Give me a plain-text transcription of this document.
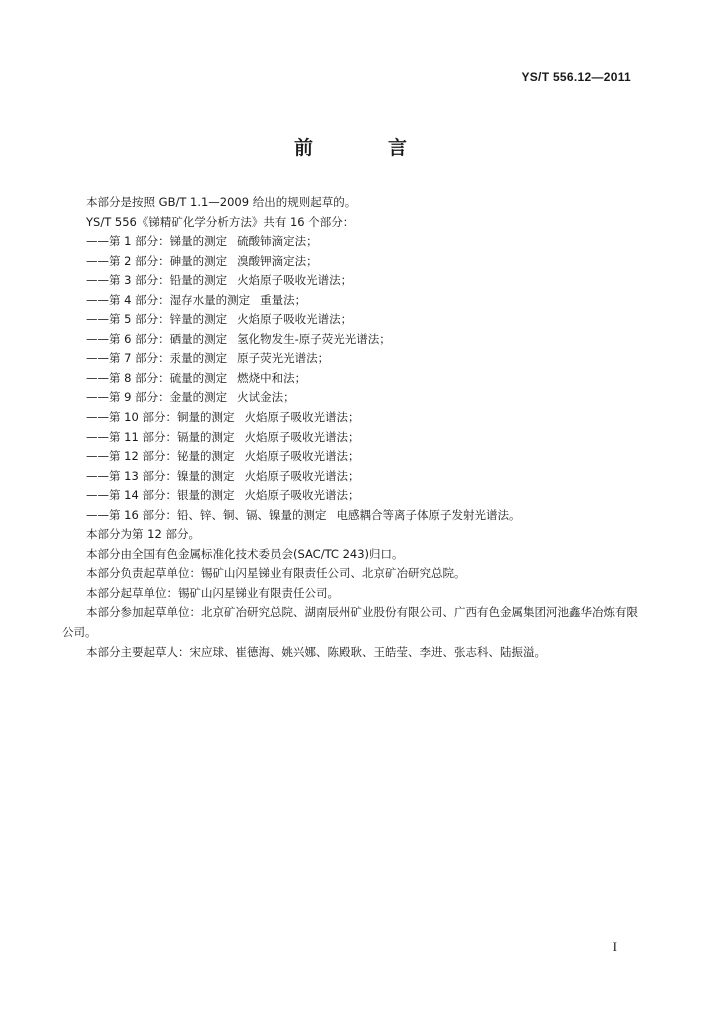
YS/T 556.12—2011
前　言

本部分是按照 GB/T 1.1—2009 给出的规则起草的。

YS/T 556《锑精矿化学分析方法》共有 16 个部分：

——第 1 部分：锑量的测定 硫酸铈滴定法；

——第 2 部分：砷量的测定 溴酸钾滴定法；

——第 3 部分：铅量的测定 火焰原子吸收光谱法；

——第 4 部分：湿存水量的测定 重量法；

——第 5 部分：锌量的测定 火焰原子吸收光谱法；

——第 6 部分：硒量的测定 氢化物发生-原子荧光光谱法；

——第 7 部分：汞量的测定 原子荧光光谱法；

——第 8 部分：硫量的测定 燃烧中和法；

——第 9 部分：金量的测定 火试金法；

——第 10 部分：铜量的测定 火焰原子吸收光谱法；

——第 11 部分：镉量的测定 火焰原子吸收光谱法；

——第 12 部分：铋量的测定 火焰原子吸收光谱法；

——第 13 部分：镍量的测定 火焰原子吸收光谱法；

——第 14 部分：银量的测定 火焰原子吸收光谱法；

——第 16 部分：铅、锌、铜、镉、镍量的测定 电感耦合等离子体原子发射光谱法。

本部分为第 12 部分。

本部分由全国有色金属标准化技术委员会(SAC/TC 243)归口。

本部分负责起草单位：锡矿山闪星锑业有限责任公司、北京矿冶研究总院。

本部分起草单位：锡矿山闪星锑业有限责任公司。

本部分参加起草单位：北京矿冶研究总院、湖南辰州矿业股份有限公司、广西有色金属集团河池鑫华冶炼有限公司。

本部分主要起草人：宋应球、崔德海、姚兴娜、陈殿耿、王皓莹、李进、张志科、陆振溢。

I
